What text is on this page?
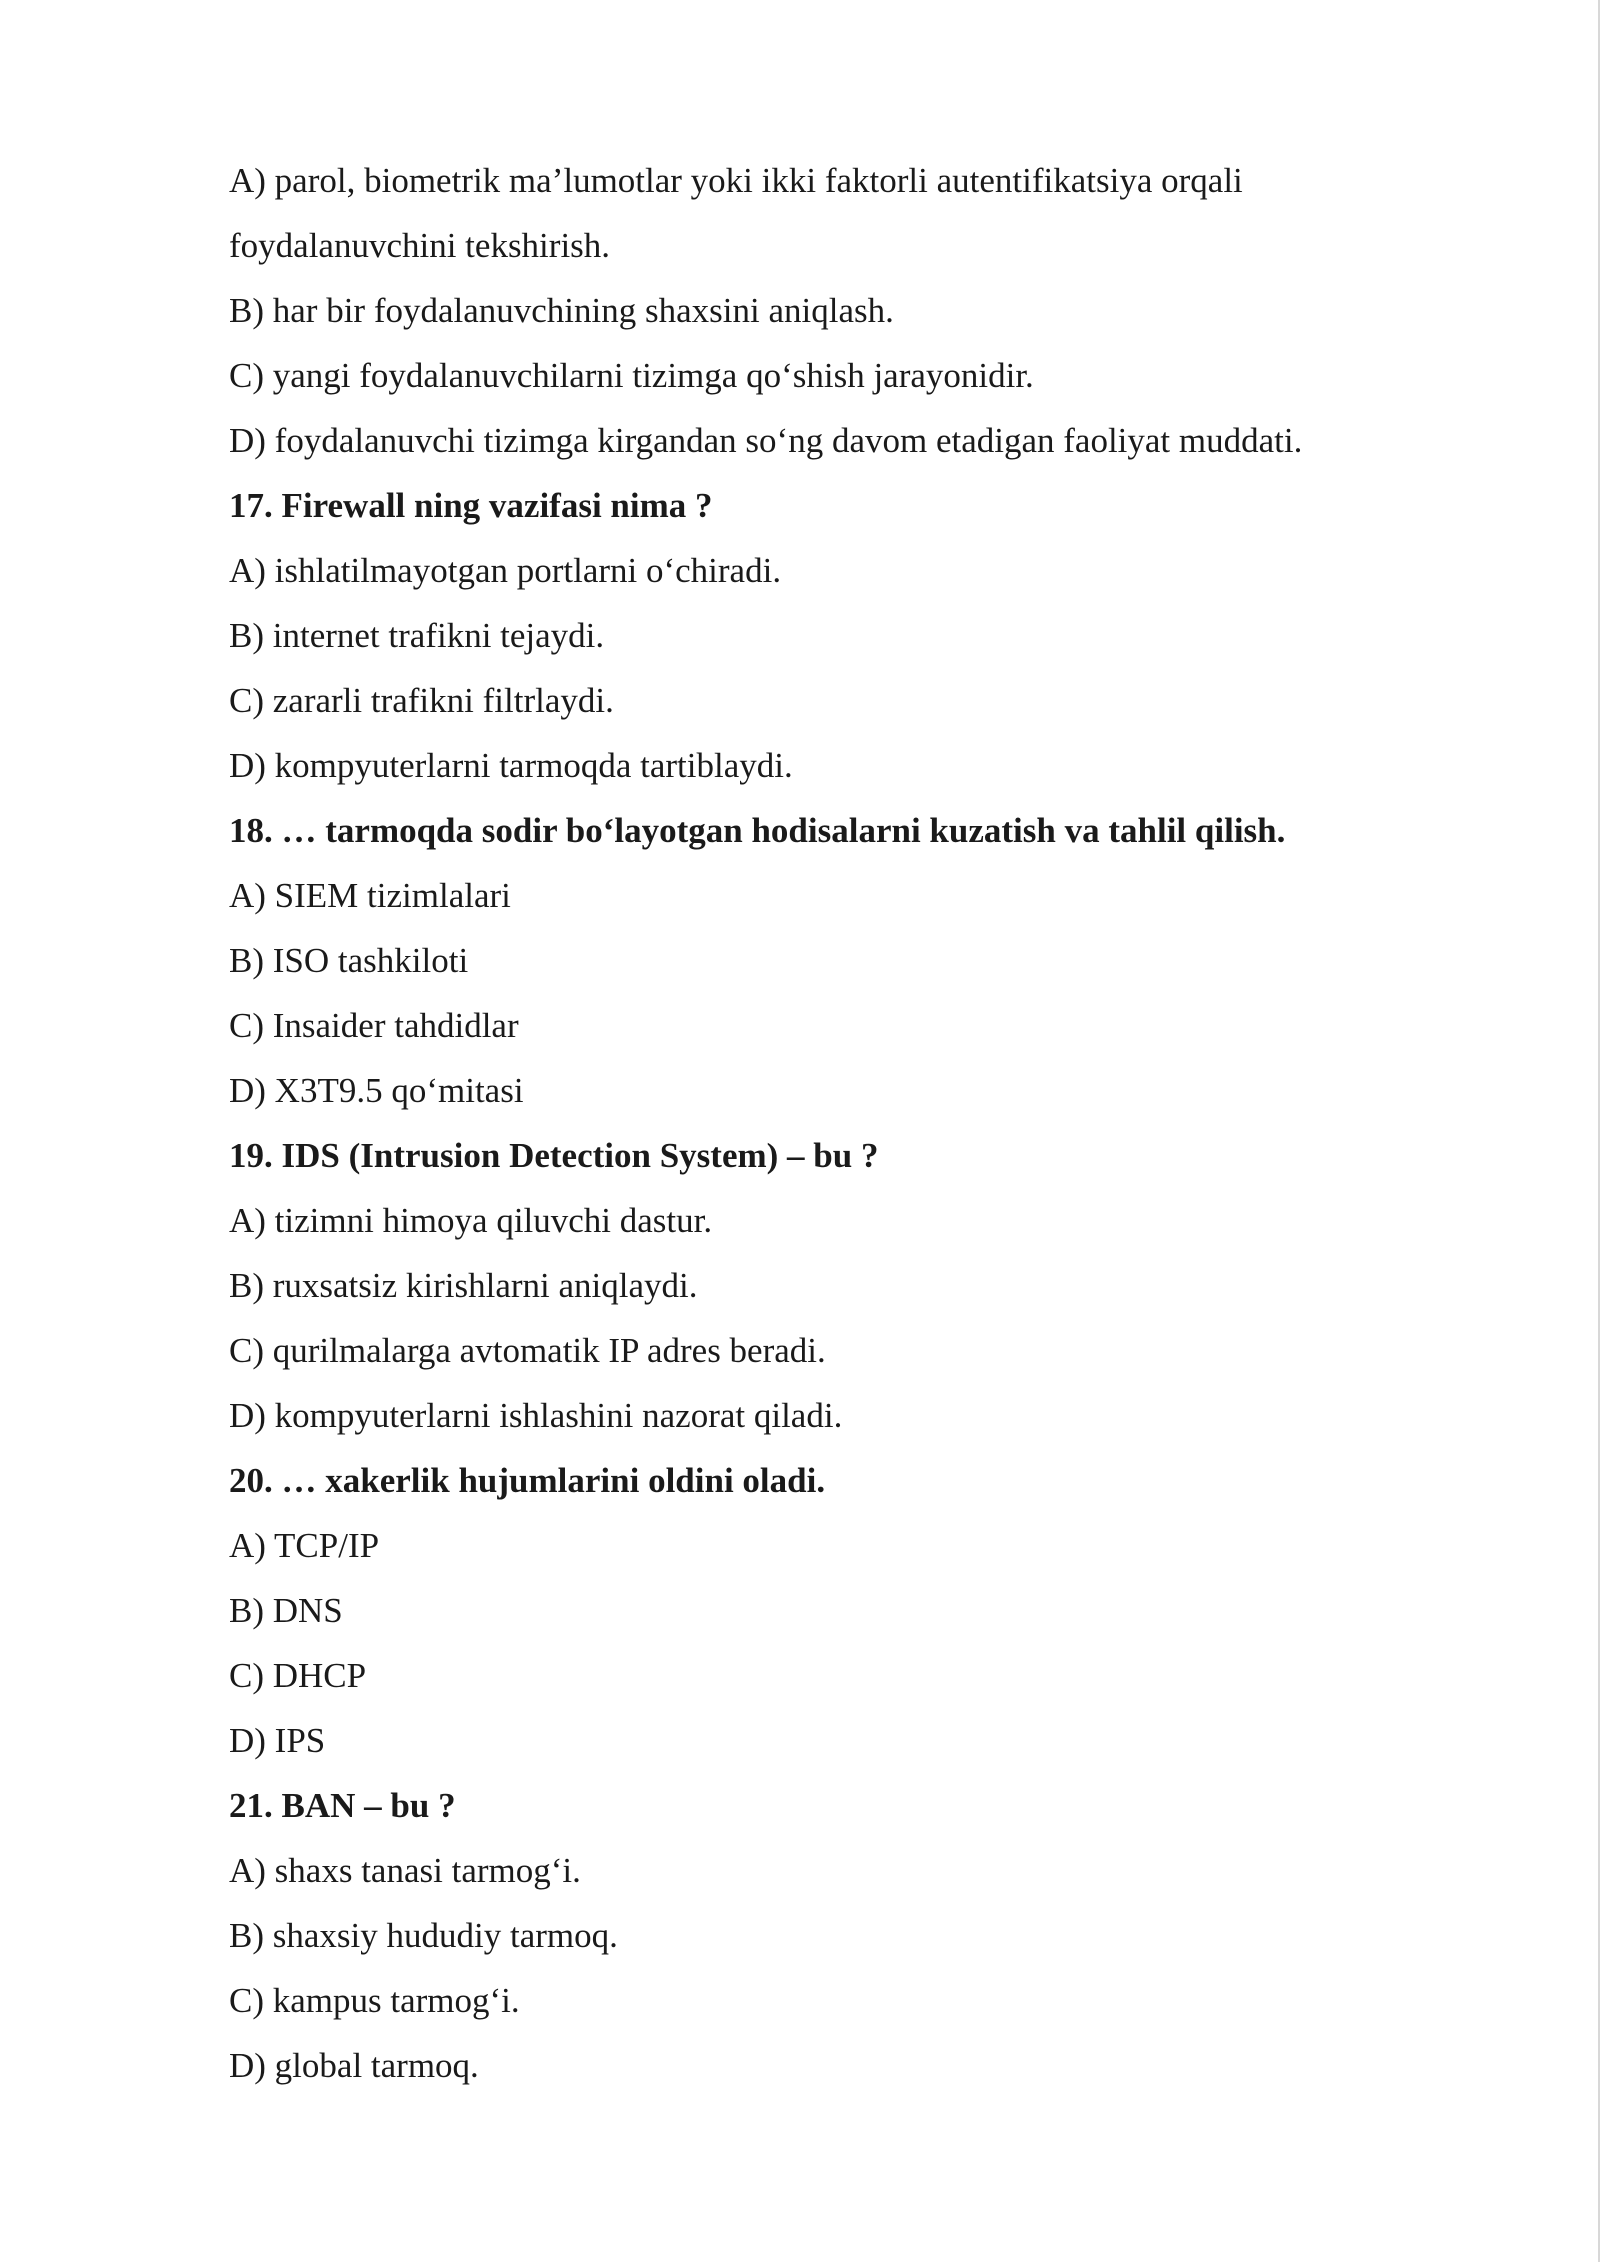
A) parol, biometrik ma’lumotlar yoki ikki faktorli autentifikatsiya orqali
foydalanuvchini tekshirish.
B) har bir foydalanuvchining shaxsini aniqlash.
C) yangi foydalanuvchilarni tizimga qo‘shish jarayonidir.
D) foydalanuvchi tizimga kirgandan so‘ng davom etadigan faoliyat muddati.
17. Firewall ning vazifasi nima ?
A) ishlatilmayotgan portlarni o‘chiradi.
B) internet trafikni tejaydi.
C) zararli trafikni filtrlaydi.
D) kompyuterlarni tarmoqda tartiblaydi.
18. … tarmoqda sodir bo‘layotgan hodisalarni kuzatish va tahlil qilish.
A) SIEM tizimlalari
B) ISO tashkiloti
C) Insaider tahdidlar
D) X3T9.5 qo‘mitasi
19. IDS (Intrusion Detection System) – bu ?
A) tizimni himoya qiluvchi dastur.
B) ruxsatsiz kirishlarni aniqlaydi.
C) qurilmalarga avtomatik IP adres beradi.
D) kompyuterlarni ishlashini nazorat qiladi.
20. … xakerlik hujumlarini oldini oladi.
A) TCP/IP
B) DNS
C) DHCP
D) IPS
21. BAN – bu ?
A) shaxs tanasi tarmog‘i.
B) shaxsiy hududiy tarmoq.
C) kampus tarmog‘i.
D) global tarmoq.
